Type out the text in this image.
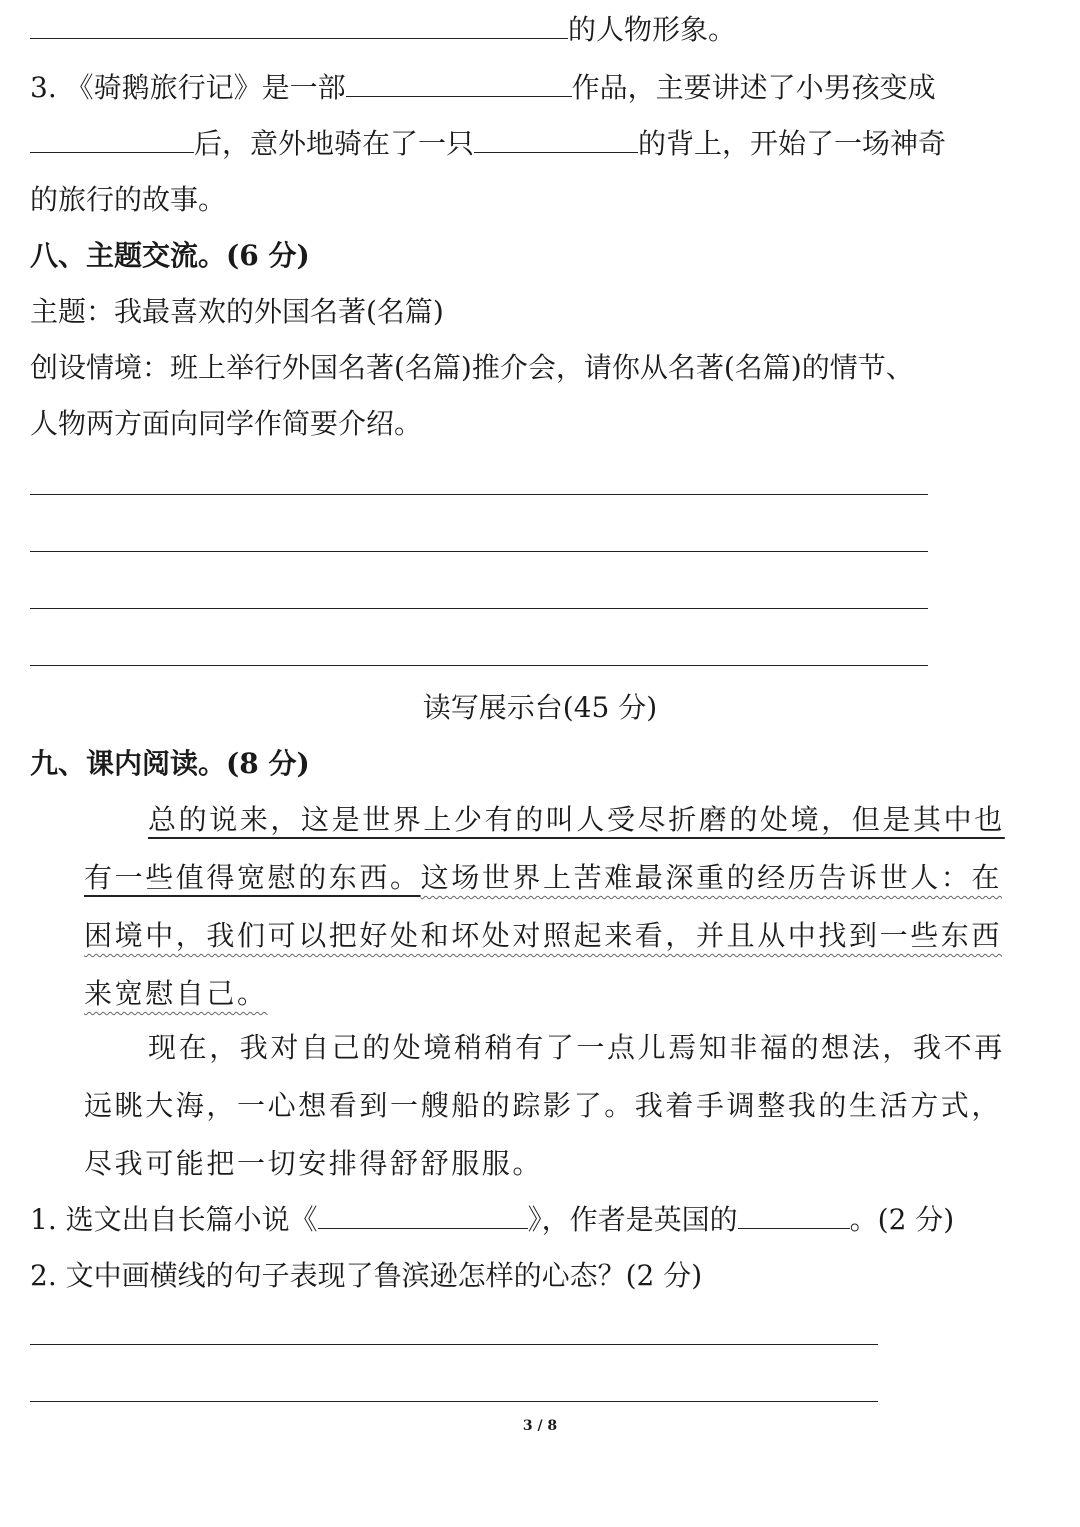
的人物形象。
3. 《骑鹅旅行记》是一部	作品，主要讲述了小男孩变成
后，意外地骑在了一只	的背上，开始了一场神奇
的旅行的故事。
八、主题交流。(6 分)
主题：我最喜欢的外国名著(名篇)
创设情境：班上举行外国名著(名篇)推介会，请你从名著(名篇)的情节、
人物两方面向同学作简要介绍。
读写展示台(45 分)
九、课内阅读。(8 分)
总的说来，这是世界上少有的叫人受尽折磨的处境，但是其中也
有一些值得宽慰的东西。这场世界上苦难最深重的经历告诉世人：在
困境中，我们可以把好处和坏处对照起来看，并且从中找到一些东西
来宽慰自己。
现在，我对自己的处境稍稍有了一点儿焉知非福的想法，我不再
远眺大海，一心想看到一艘船的踪影了。我着手调整我的生活方式，
尽我可能把一切安排得舒舒服服。
1. 选文出自长篇小说《	》，作者是英国的	。(2 分)
2. 文中画横线的句子表现了鲁滨逊怎样的心态？(2 分)
3 / 8
